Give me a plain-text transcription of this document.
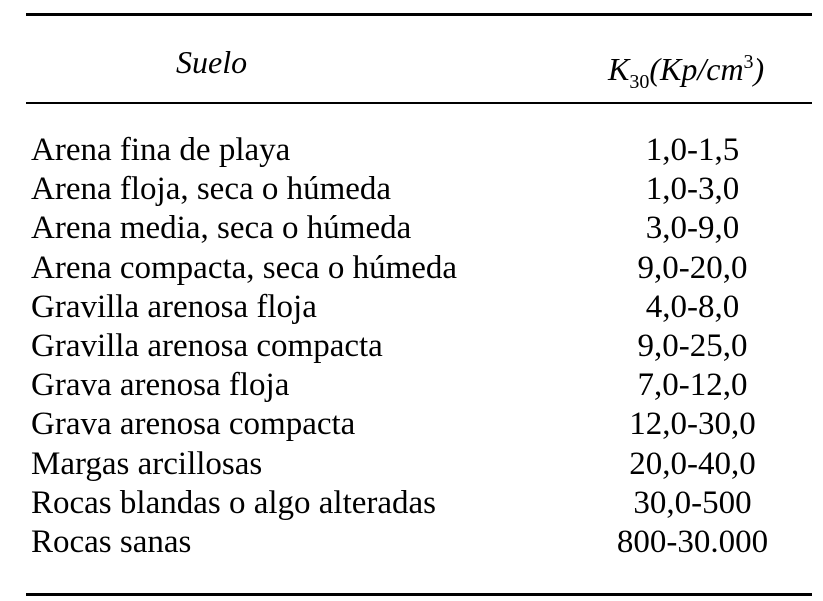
Suelo	$K_{30}(Kp/cm^3)$
Arena fina de playa	1,0-1,5
Arena floja, seca o húmeda	1,0-3,0
Arena media, seca o húmeda	3,0-9,0
Arena compacta, seca o húmeda	9,0-20,0
Gravilla arenosa floja	4,0-8,0
Gravilla arenosa compacta	9,0-25,0
Grava arenosa floja	7,0-12,0
Grava arenosa compacta	12,0-30,0
Margas arcillosas	20,0-40,0
Rocas blandas o algo alteradas	30,0-500
Rocas sanas	800-30.000
